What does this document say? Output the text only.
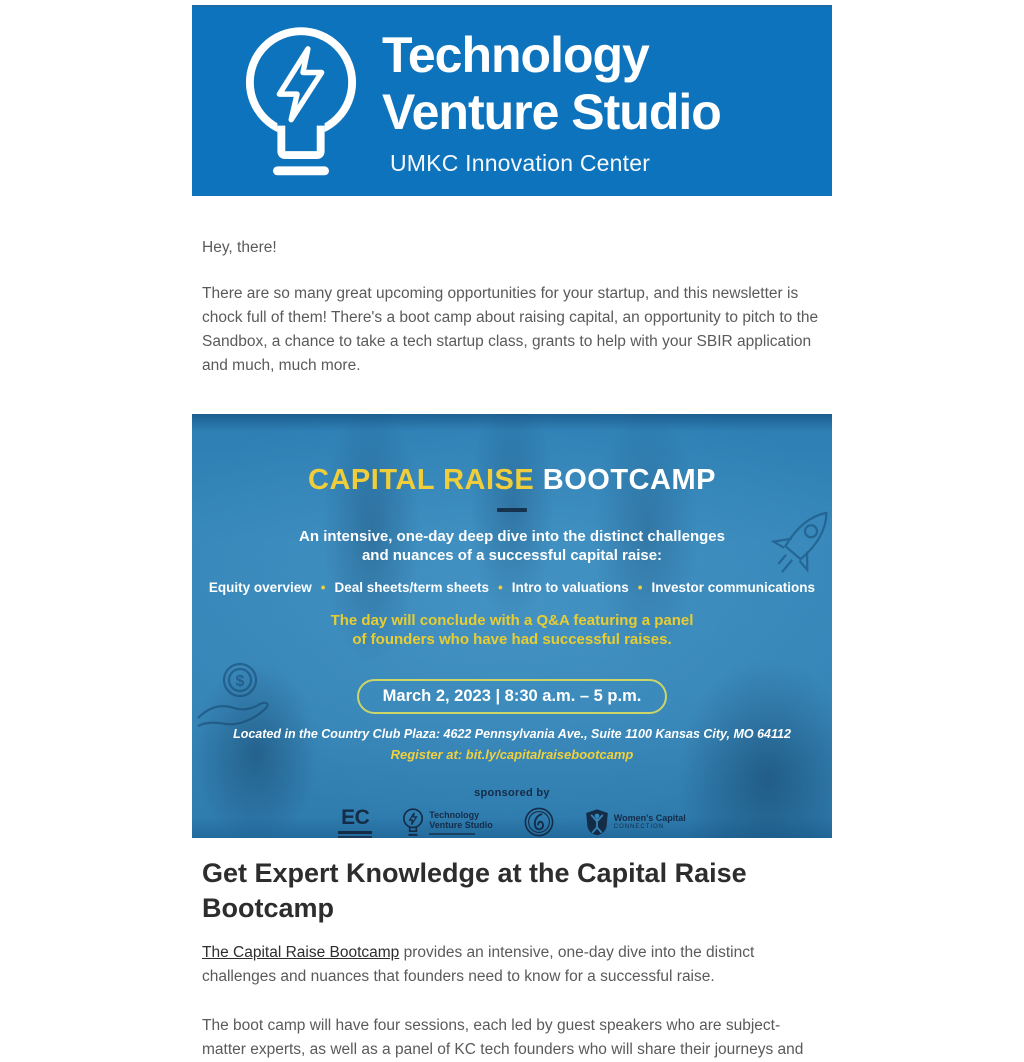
Technology
Venture Studio
UMKC Innovation Center

Hey, there!

There are so many great upcoming opportunities for your startup, and this newsletter is chock full of them! There's a boot camp about raising capital, an opportunity to pitch to the Sandbox, a chance to take a tech startup class, grants to help with your SBIR application and much, much more.

$
CAPITAL RAISE BOOTCAMP
An intensive, one-day deep dive into the distinct challenges
and nuances of a successful capital raise:
Equity overview • Deal sheets/term sheets • Intro to valuations • Investor communications
The day will conclude with a Q&A featuring a panel
of founders who have had successful raises.
March 2, 2023 | 8:30 a.m. – 5 p.m.
Located in the Country Club Plaza: 4622 Pennsylvania Ave., Suite 1100 Kansas City, MO 64112
Register at: bit.ly/capitalraisebootcamp
sponsored by
EC	Technology
Venture Studio
Women's Capital
CONNECTION
Get Expert Knowledge at the Capital Raise Bootcamp

The Capital Raise Bootcamp provides an intensive, one-day dive into the distinct challenges and nuances that founders need to know for a successful raise.

The boot camp will have four sessions, each led by guest speakers who are subject-matter experts, as well as a panel of KC tech founders who will share their journeys and
